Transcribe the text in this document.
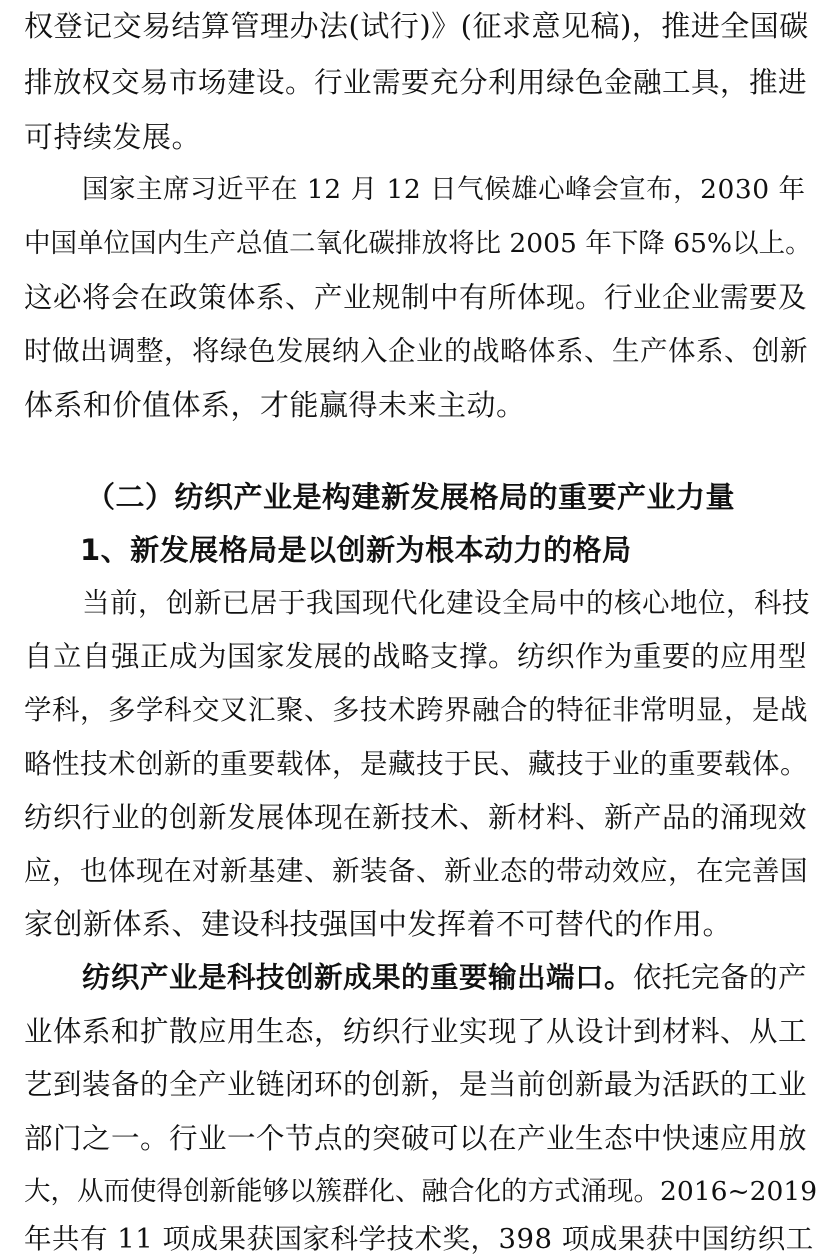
权登记交易结算管理办法(试行)》(征求意见稿)，推进全国碳
排放权交易市场建设。行业需要充分利用绿色金融工具，推进
可持续发展。
国家主席习近平在 12 月 12 日气候雄心峰会宣布，2030 年
中国单位国内生产总值二氧化碳排放将比 2005 年下降 65%以上。
这必将会在政策体系、产业规制中有所体现。行业企业需要及
时做出调整，将绿色发展纳入企业的战略体系、生产体系、创新
体系和价值体系，才能赢得未来主动。
（二）纺织产业是构建新发展格局的重要产业力量
1、新发展格局是以创新为根本动力的格局
当前，创新已居于我国现代化建设全局中的核心地位，科技
自立自强正成为国家发展的战略支撑。纺织作为重要的应用型
学科，多学科交叉汇聚、多技术跨界融合的特征非常明显，是战
略性技术创新的重要载体，是藏技于民、藏技于业的重要载体。
纺织行业的创新发展体现在新技术、新材料、新产品的涌现效
应，也体现在对新基建、新装备、新业态的带动效应，在完善国
家创新体系、建设科技强国中发挥着不可替代的作用。
纺织产业是科技创新成果的重要输出端口。依托完备的产
业体系和扩散应用生态，纺织行业实现了从设计到材料、从工
艺到装备的全产业链闭环的创新，是当前创新最为活跃的工业
部门之一。行业一个节点的突破可以在产业生态中快速应用放
大，从而使得创新能够以簇群化、融合化的方式涌现。2016~2019
年共有 11 项成果获国家科学技术奖，398 项成果获中国纺织工
